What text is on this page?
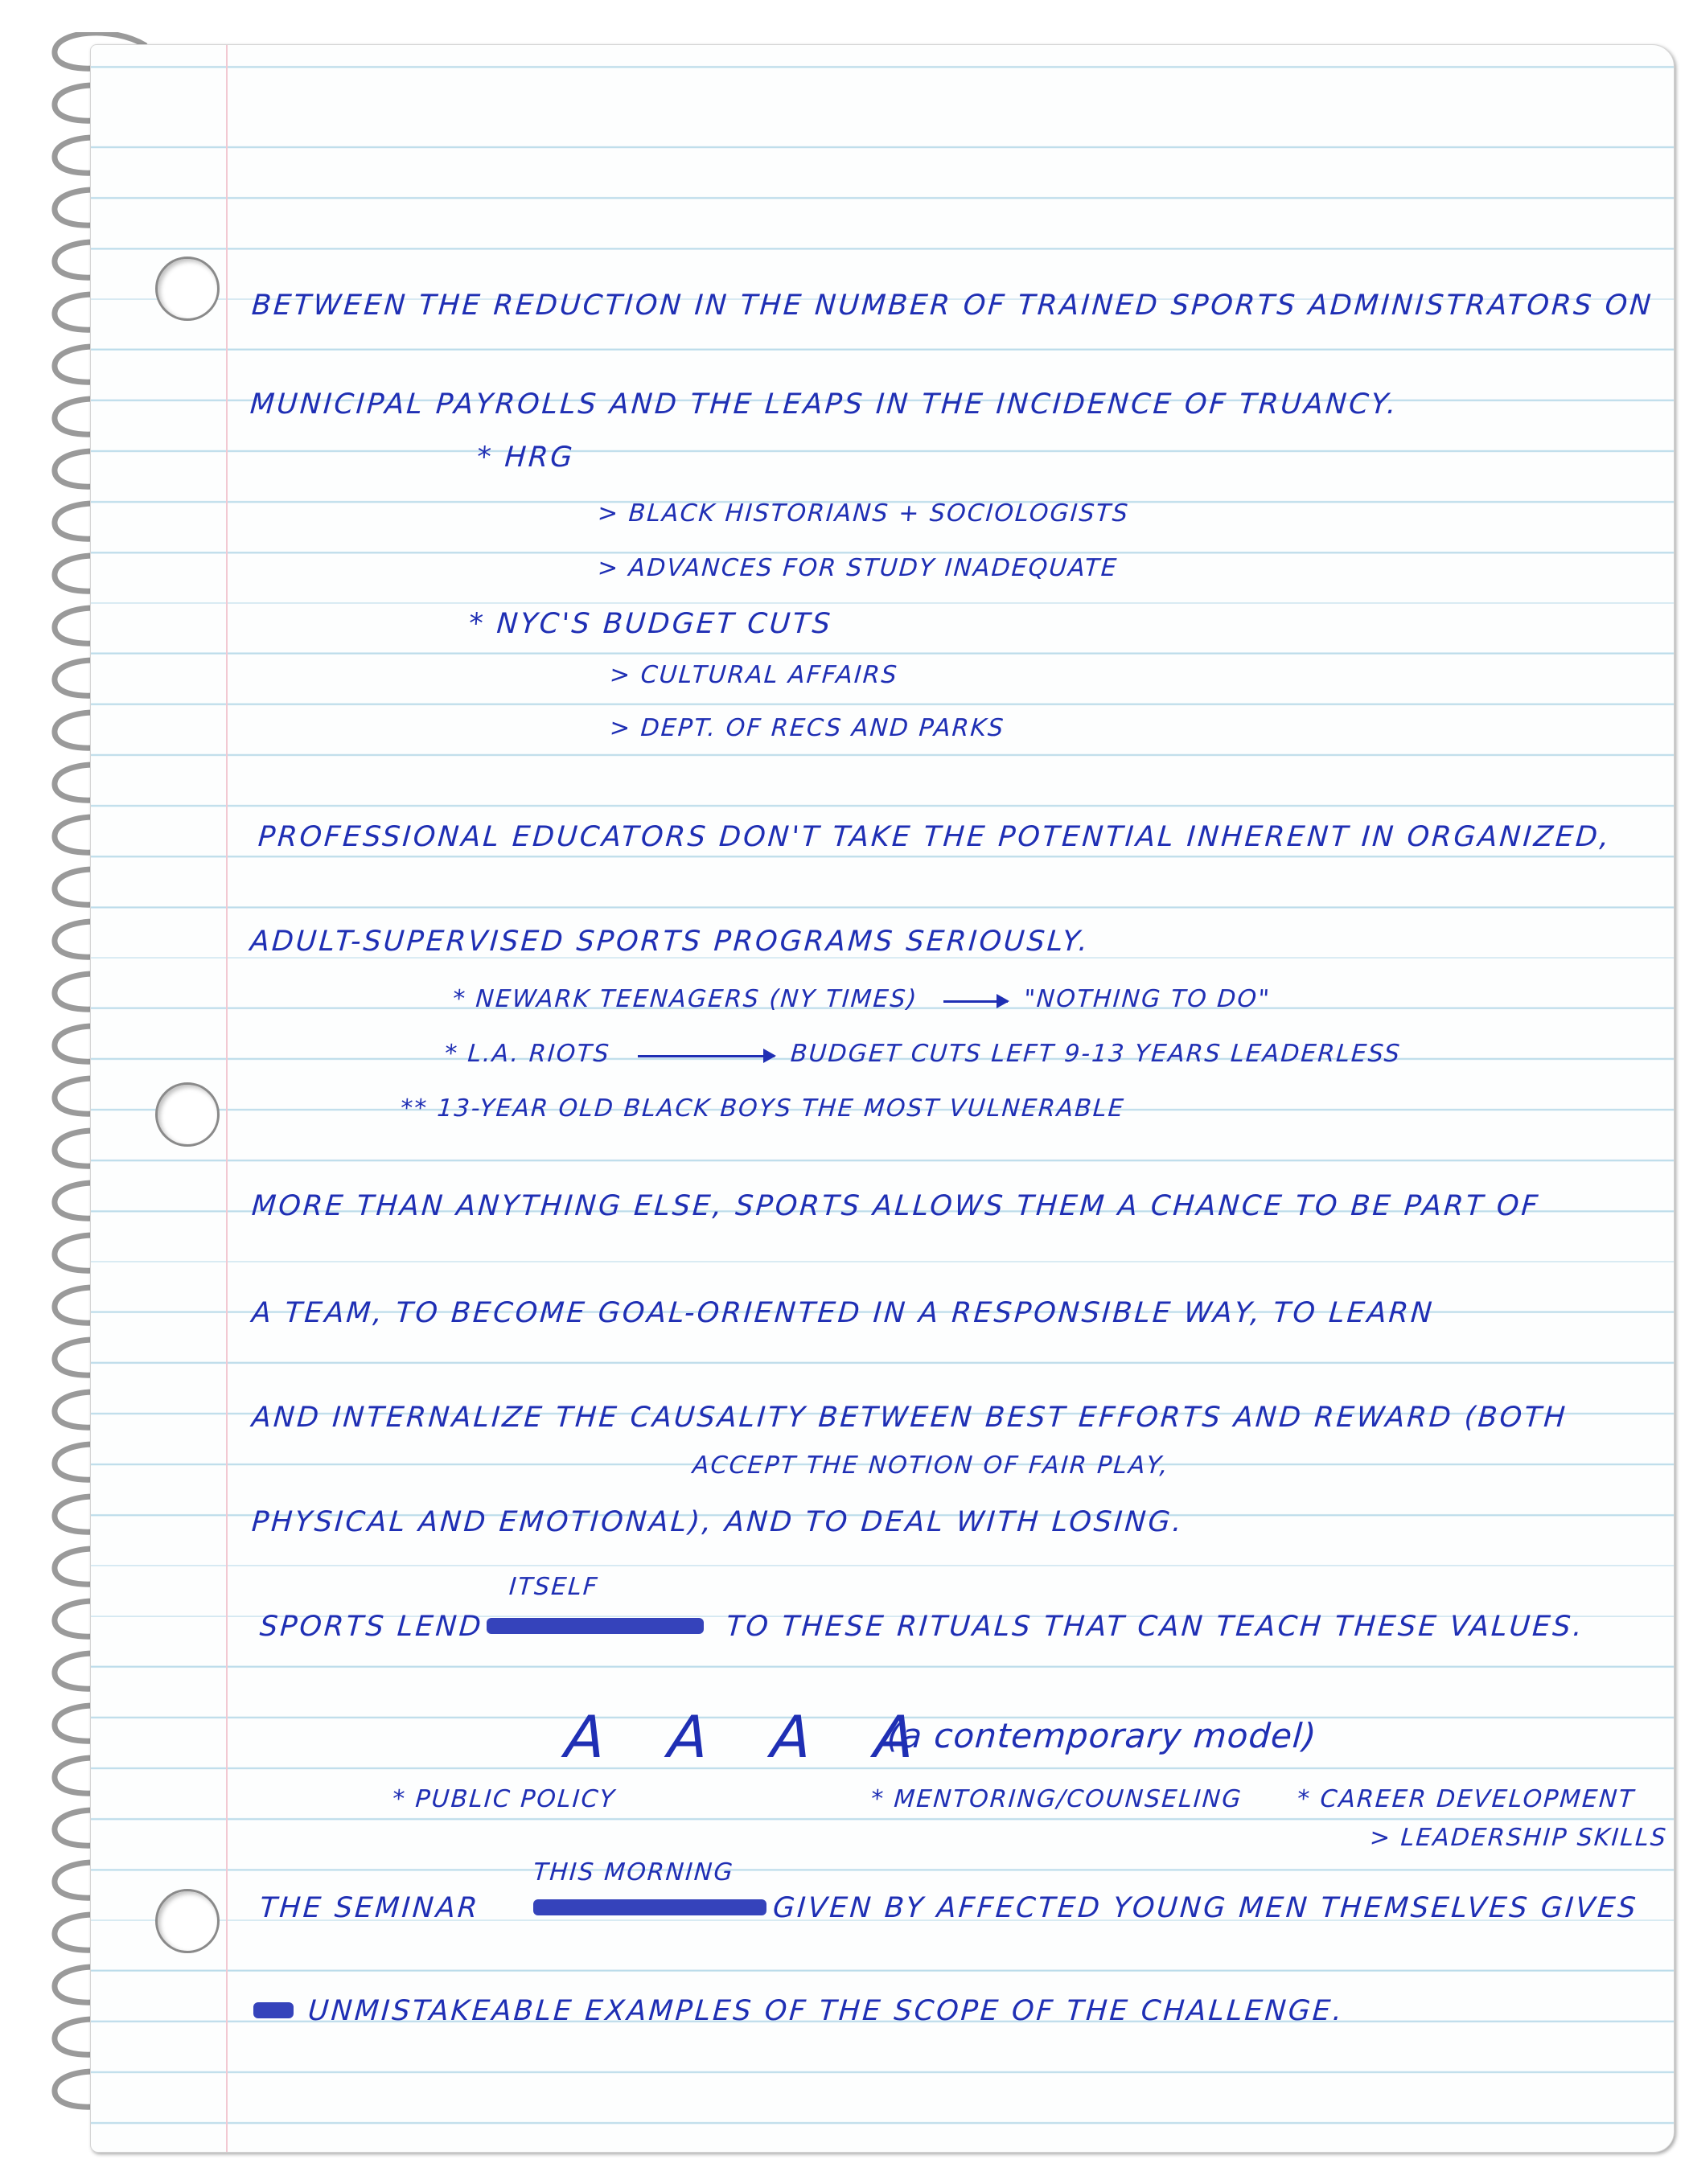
BETWEEN THE REDUCTION IN THE NUMBER OF TRAINED SPORTS ADMINISTRATORS ON
MUNICIPAL PAYROLLS AND THE LEAPS IN THE INCIDENCE OF TRUANCY.
* HRG
> BLACK HISTORIANS + SOCIOLOGISTS
> ADVANCES FOR STUDY INADEQUATE
* NYC'S BUDGET CUTS
> CULTURAL AFFAIRS
> DEPT. OF RECS AND PARKS
PROFESSIONAL EDUCATORS DON'T TAKE THE POTENTIAL INHERENT IN ORGANIZED,
ADULT-SUPERVISED SPORTS PROGRAMS SERIOUSLY.
* NEWARK TEENAGERS (NY TIMES)	"NOTHING TO DO"
* L.A. RIOTS	BUDGET CUTS LEFT 9-13 YEARS LEADERLESS
** 13-YEAR OLD BLACK BOYS THE MOST VULNERABLE
MORE THAN ANYTHING ELSE, SPORTS ALLOWS THEM A CHANCE TO BE PART OF
A TEAM, TO BECOME GOAL-ORIENTED IN A RESPONSIBLE WAY, TO LEARN
AND INTERNALIZE THE CAUSALITY BETWEEN BEST EFFORTS AND REWARD (BOTH
ACCEPT THE NOTION OF FAIR PLAY,
PHYSICAL AND EMOTIONAL), AND TO DEAL WITH LOSING.
ITSELF
SPORTS LEND	TO THESE RITUALS THAT CAN TEACH THESE VALUES.
A A A A
(a contemporary model)
* PUBLIC POLICY	* MENTORING/COUNSELING * CAREER DEVELOPMENT
> LEADERSHIP SKILLS
THIS MORNING
THE SEMINAR	GIVEN BY AFFECTED YOUNG MEN THEMSELVES GIVES
UNMISTAKEABLE EXAMPLES OF THE SCOPE OF THE CHALLENGE.
